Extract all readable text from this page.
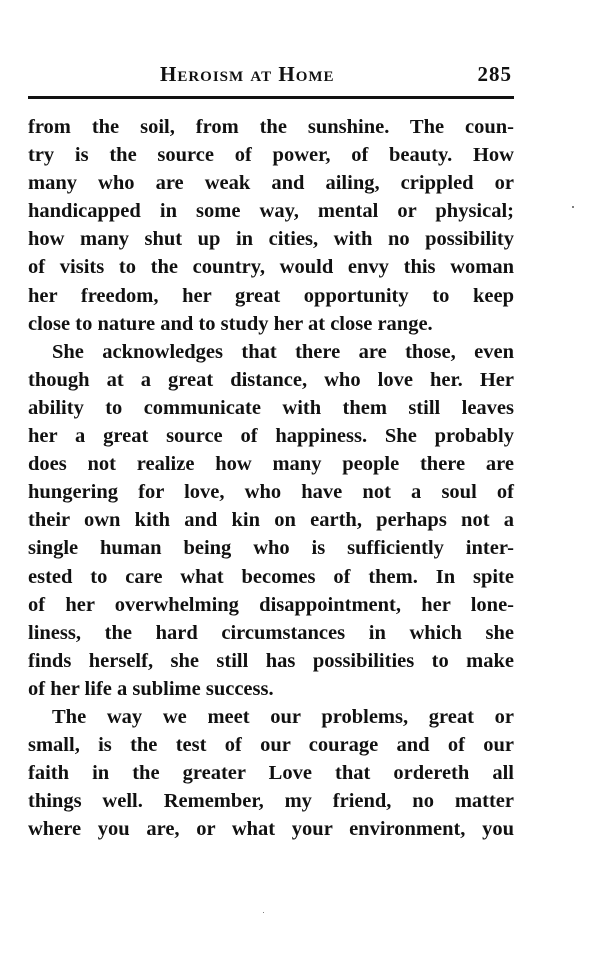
Heroism at Home	285
from the soil, from the sunshine. The coun-
try is the source of power, of beauty. How
many who are weak and ailing, crippled or
handicapped in some way, mental or physical;
how many shut up in cities, with no possibility
of visits to the country, would envy this woman
her freedom, her great opportunity to keep
close to nature and to study her at close range.
She acknowledges that there are those, even
though at a great distance, who love her. Her
ability to communicate with them still leaves
her a great source of happiness. She probably
does not realize how many people there are
hungering for love, who have not a soul of
their own kith and kin on earth, perhaps not a
single human being who is sufficiently inter-
ested to care what becomes of them. In spite
of her overwhelming disappointment, her lone-
liness, the hard circumstances in which she
finds herself, she still has possibilities to make
of her life a sublime success.
The way we meet our problems, great or
small, is the test of our courage and of our
faith in the greater Love that ordereth all
things well. Remember, my friend, no matter
where you are, or what your environment, you
